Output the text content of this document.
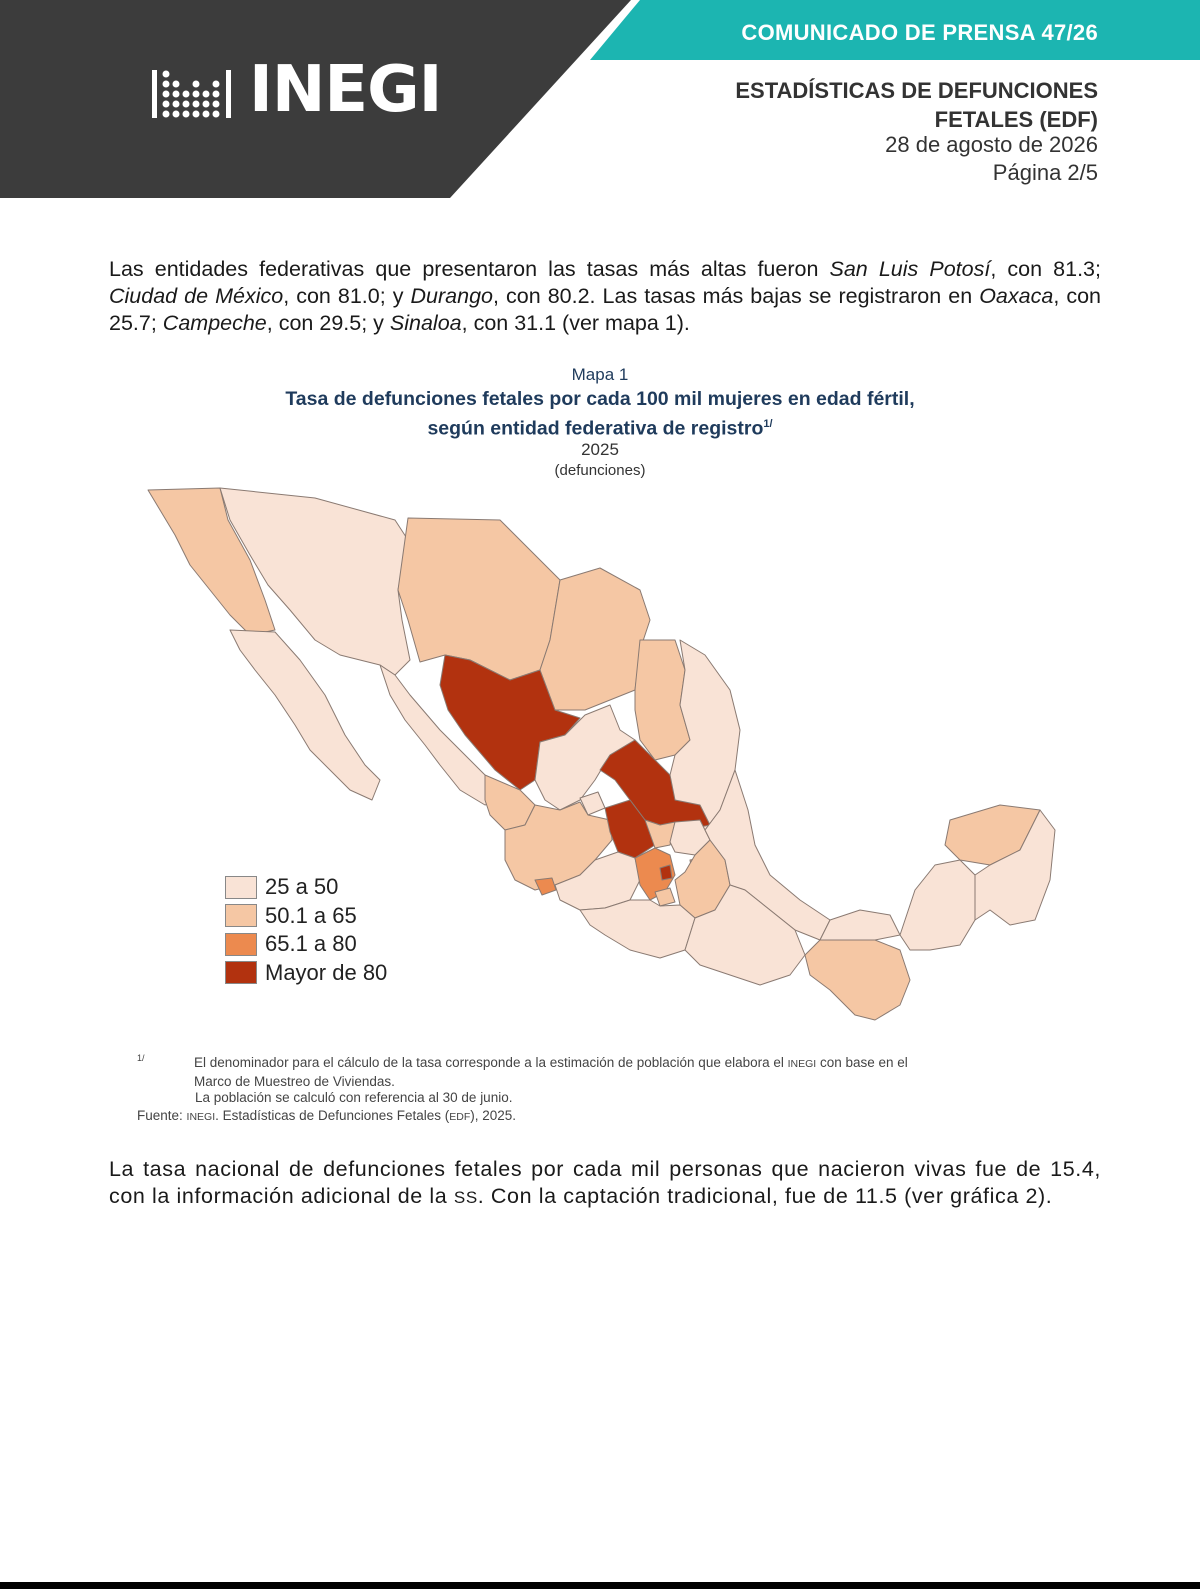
COMUNICADO DE PRENSA 47/26
INEGI	ESTADÍSTICAS DE DEFUNCIONES
FETALES (EDF)
28 de agosto de 2026
Página 2/5

Las entidades federativas que presentaron las tasas más altas fueron San Luis Potosí, con 81.3; Ciudad de México, con 81.0; y Durango, con 80.2. Las tasas más bajas se registraron en Oaxaca, con 25.7; Campeche, con 29.5; y Sinaloa, con 31.1 (ver mapa 1).

Mapa 1
Tasa de defunciones fetales por cada 100 mil mujeres en edad fértil,
según entidad federativa de registro$^{1/}$
2025
(defunciones)
25 a 50
50.1 a 65
65.1 a 80
Mayor de 80
1/	El denominador para el cálculo de la tasa corresponde a la estimación de población que elabora el INEGI con base en el
Marco de Muestreo de Viviendas.
La población se calculó con referencia al 30 de junio.
Fuente: INEGI. Estadísticas de Defunciones Fetales (EDF), 2025.

La tasa nacional de defunciones fetales por cada mil personas que nacieron vivas fue de 15.4, con la información adicional de la SS. Con la captación tradicional, fue de 11.5 (ver gráfica 2).
